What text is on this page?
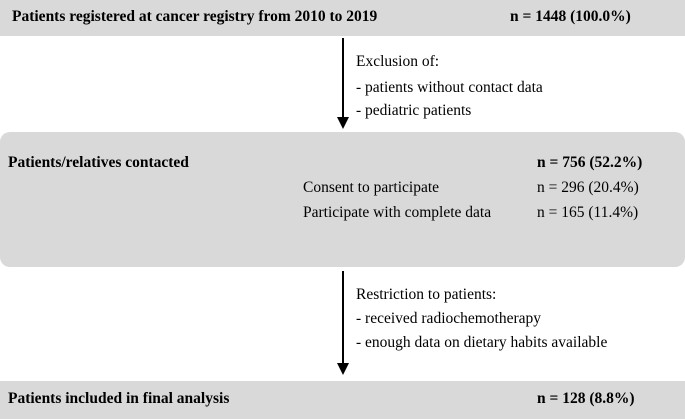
Patients registered at cancer registry from 2010 to 2019	n = 1448 (100.0%)
Exclusion of:
- patients without contact data
- pediatric patients
Patients/relatives contacted	n = 756 (52.2%)
Consent to participate	n = 296 (20.4%)
Participate with complete data	n = 165 (11.4%)
Restriction to patients:
- received radiochemotherapy
- enough data on dietary habits available
Patients included in final analysis	n = 128 (8.8%)
